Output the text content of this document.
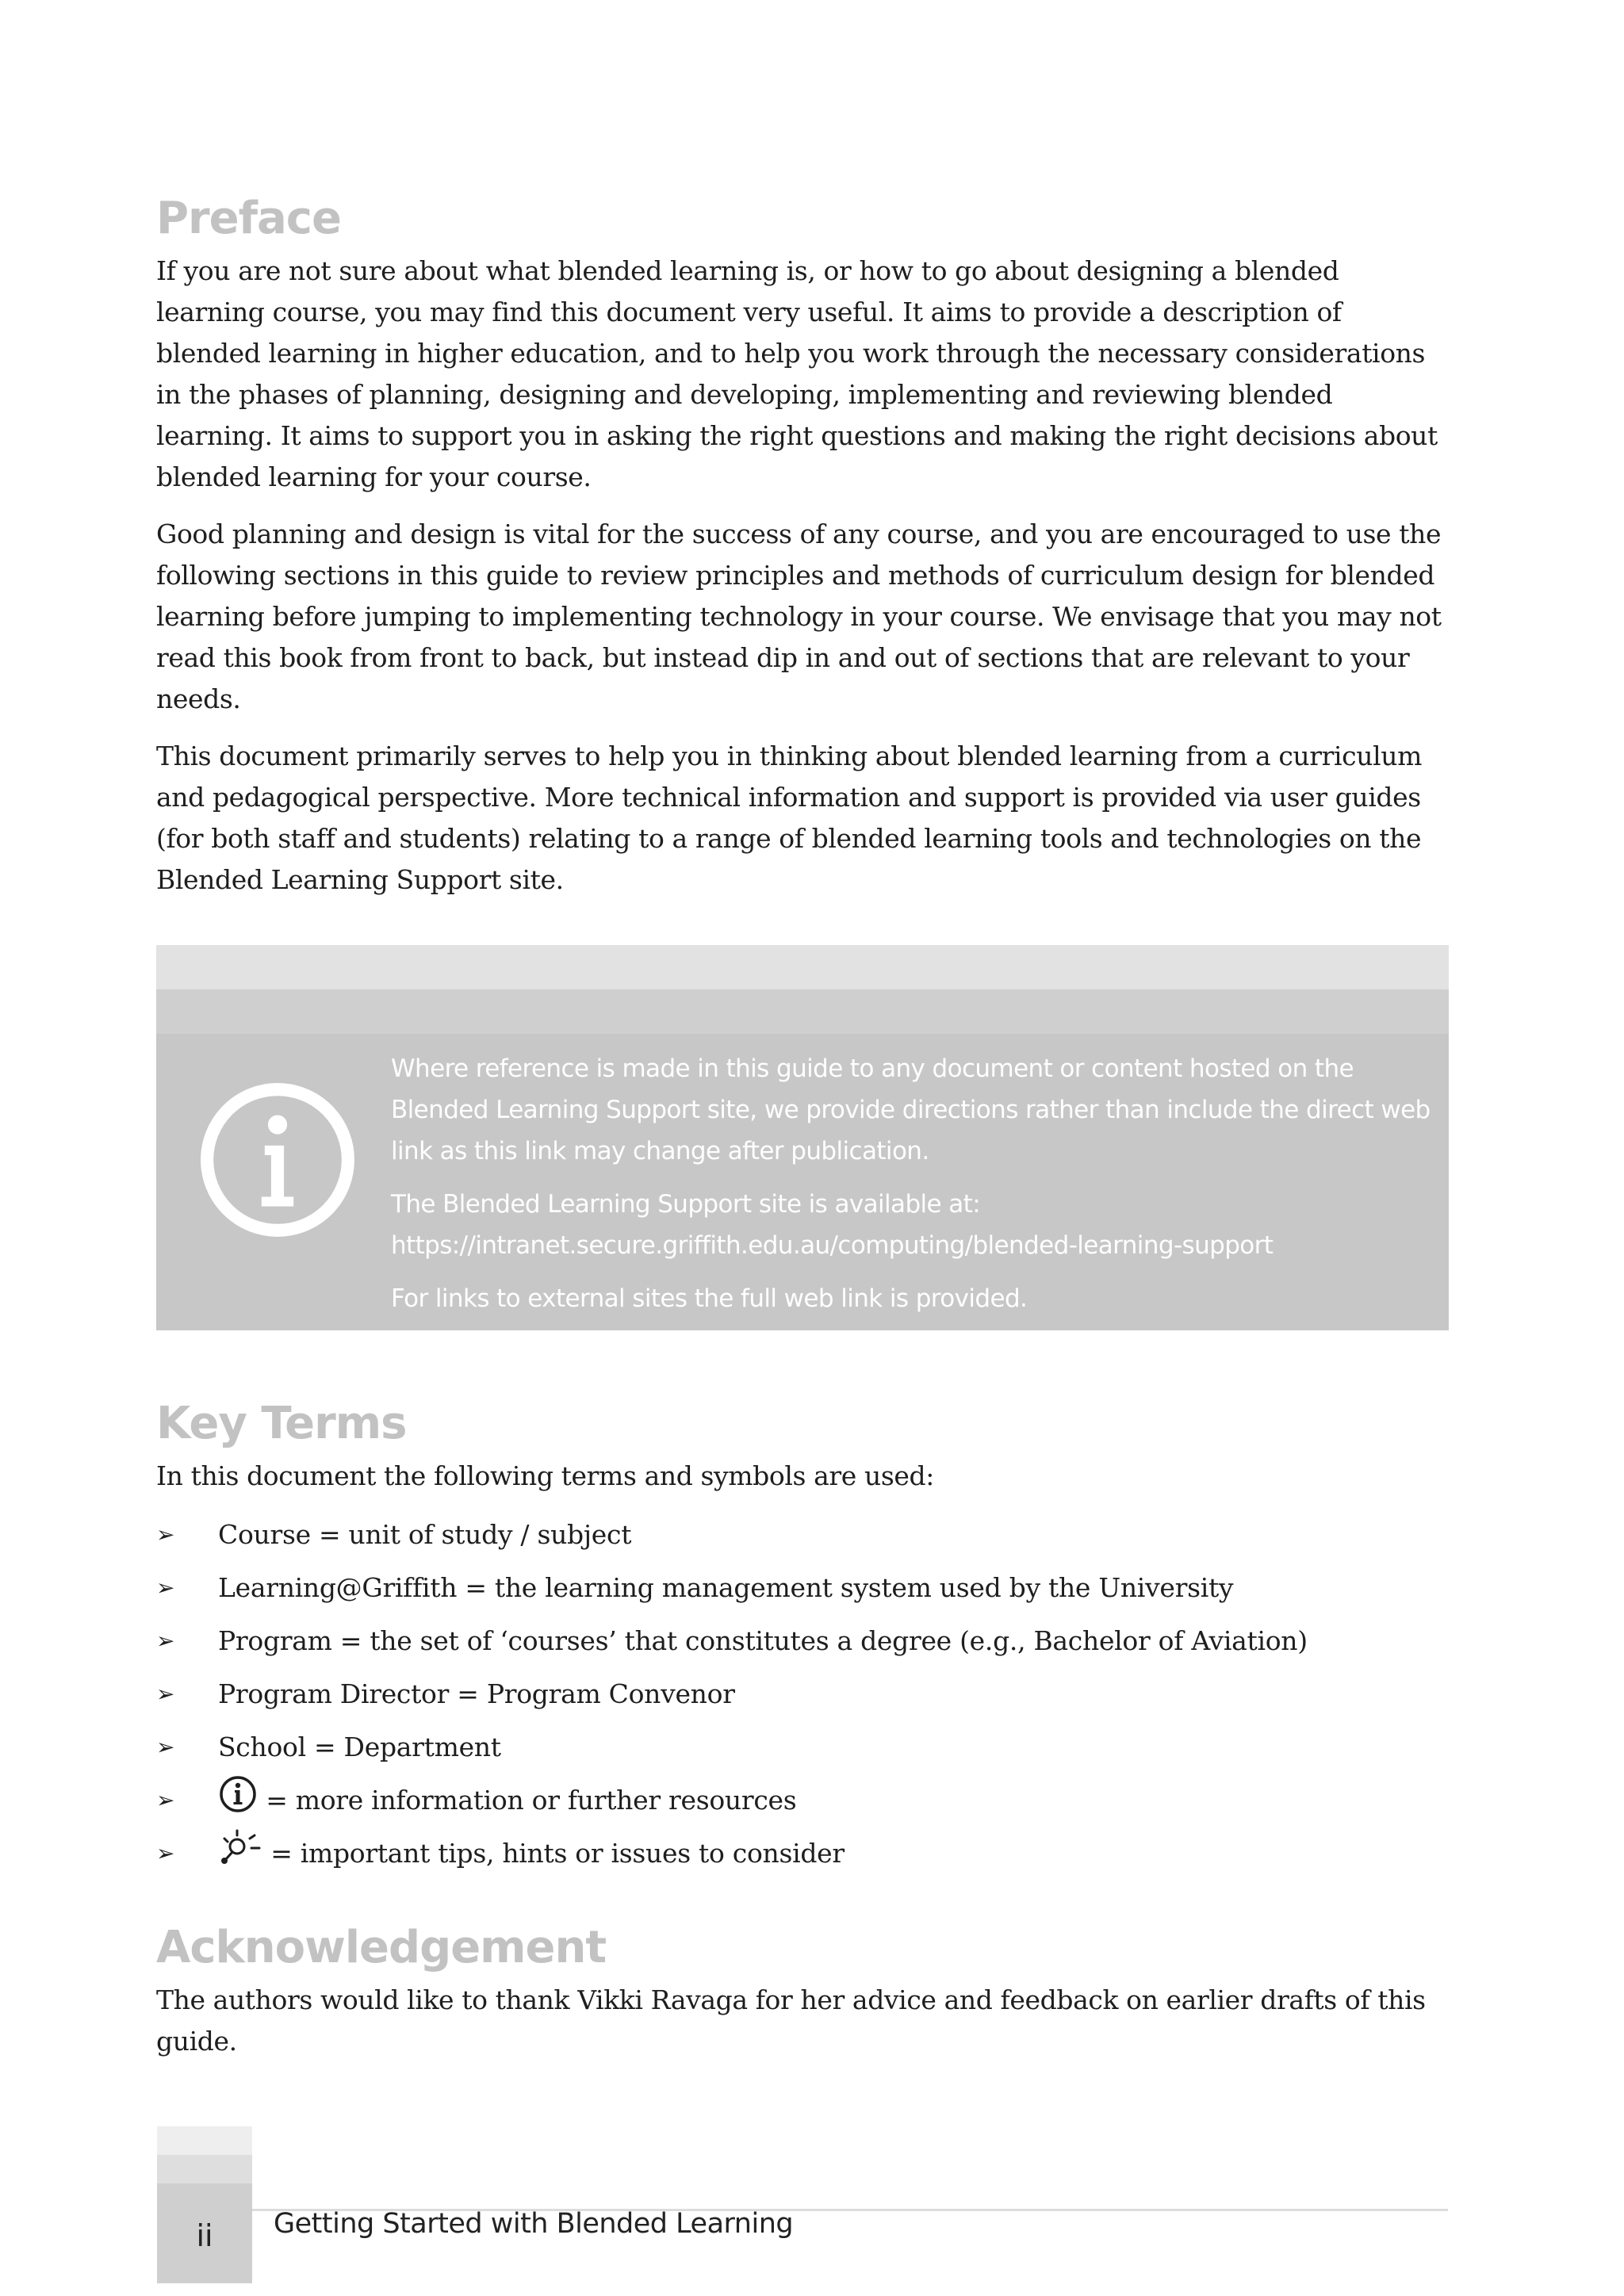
Preface

If you are not sure about what blended learning is, or how to go about designing a blended learning course, you may find this document very useful. It aims to provide a description of blended learning in higher education, and to help you work through the necessary considerations in the phases of planning, designing and developing, implementing and reviewing blended learning. It aims to support you in asking the right questions and making the right decisions about blended learning for your course.

Good planning and design is vital for the success of any course, and you are encouraged to use the following sections in this guide to review principles and methods of curriculum design for blended learning before jumping to implementing technology in your course. We envisage that you may not read this book from front to back, but instead dip in and out of sections that are relevant to your needs.

This document primarily serves to help you in thinking about blended learning from a curriculum and pedagogical perspective. More technical information and support is provided via user guides (for both staff and students) relating to a range of blended learning tools and technologies on the Blended Learning Support site.

Where reference is made in this guide to any document or content hosted on the Blended Learning Support site, we provide directions rather than include the direct web link as this link may change after publication.

The Blended Learning Support site is available at:
https://intranet.secure.griffith.edu.au/computing/blended-learning-support

For links to external sites the full web link is provided.

Key Terms

In this document the following terms and symbols are used:

➢ Course = unit of study / subject
➢ Learning@Griffith = the learning management system used by the University
➢ Program = the set of ‘courses’ that constitutes a degree (e.g., Bachelor of Aviation)
➢ Program Director = Program Convenor
➢ School = Department
➢	= more information or further resources
➢	= important tips, hints or issues to consider
Acknowledgement

The authors would like to thank Vikki Ravaga for her advice and feedback on earlier drafts of this guide.

ii	Getting Started with Blended Learning
